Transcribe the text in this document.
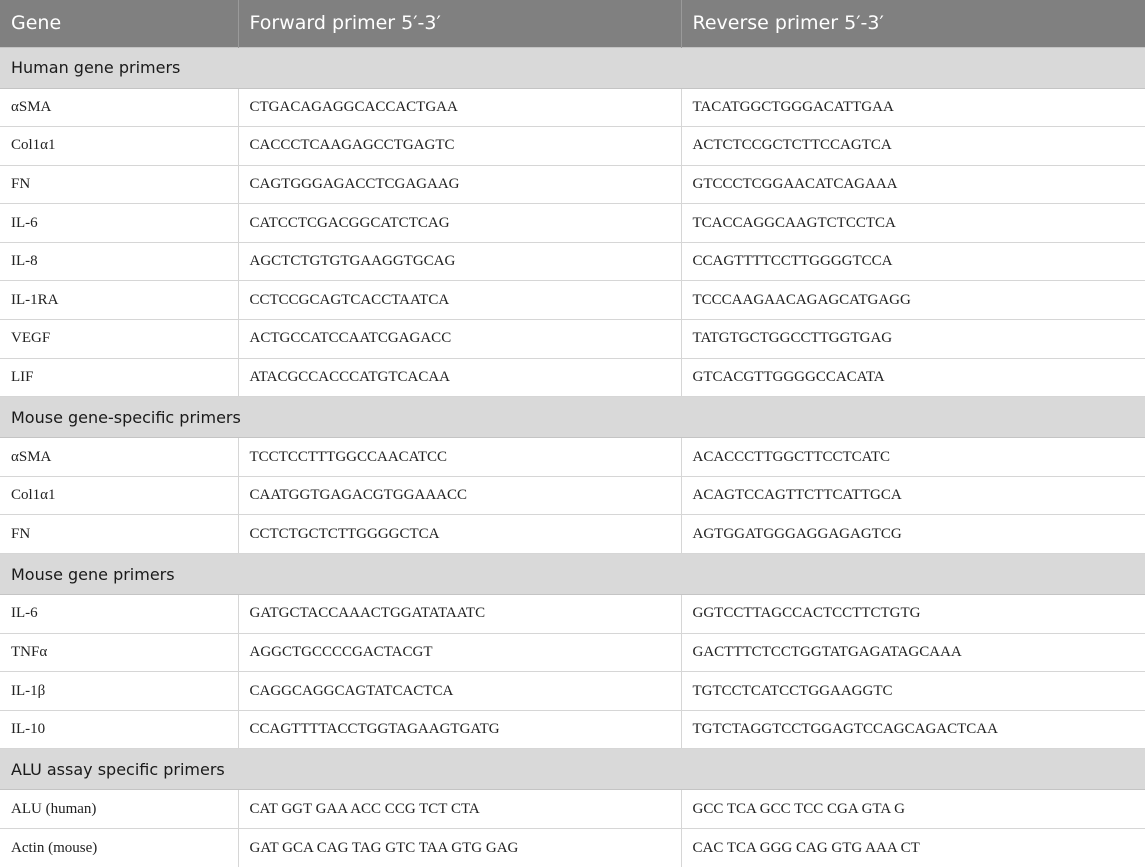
Gene	Forward primer 5′-3′	Reverse primer 5′-3′
Human gene primers		
αSMA	CTGACAGAGGCACCACTGAA	TACATGGCTGGGACATTGAA
Col1α1	CACCCTCAAGAGCCTGAGTC	ACTCTCCGCTCTTCCAGTCA
FN	CAGTGGGAGACCTCGAGAAG	GTCCCTCGGAACATCAGAAA
IL-6	CATCCTCGACGGCATCTCAG	TCACCAGGCAAGTCTCCTCA
IL-8	AGCTCTGTGTGAAGGTGCAG	CCAGTTTTCCTTGGGGTCCA
IL-1RA	CCTCCGCAGTCACCTAATCA	TCCCAAGAACAGAGCATGAGG
VEGF	ACTGCCATCCAATCGAGACC	TATGTGCTGGCCTTGGTGAG
LIF	ATACGCCACCCATGTCACAA	GTCACGTTGGGGCCACATA
Mouse gene-specific primers		
αSMA	TCCTCCTTTGGCCAACATCC	ACACCCTTGGCTTCCTCATC
Col1α1	CAATGGTGAGACGTGGAAACC	ACAGTCCAGTTCTTCATTGCA
FN	CCTCTGCTCTTGGGGCTCA	AGTGGATGGGAGGAGAGTCG
Mouse gene primers		
IL-6	GATGCTACCAAACTGGATATAATC	GGTCCTTAGCCACTCCTTCTGTG
TNFα	AGGCTGCCCCGACTACGT	GACTTTCTCCTGGTATGAGATAGCAAA
IL-1β	CAGGCAGGCAGTATCACTCA	TGTCCTCATCCTGGAAGGTC
IL-10	CCAGTTTTACCTGGTAGAAGTGATG	TGTCTAGGTCCTGGAGTCCAGCAGACTCAA
ALU assay specific primers		
ALU (human)	CAT GGT GAA ACC CCG TCT CTA	GCC TCA GCC TCC CGA GTA G
Actin (mouse)	GAT GCA CAG TAG GTC TAA GTG GAG	CAC TCA GGG CAG GTG AAA CT
